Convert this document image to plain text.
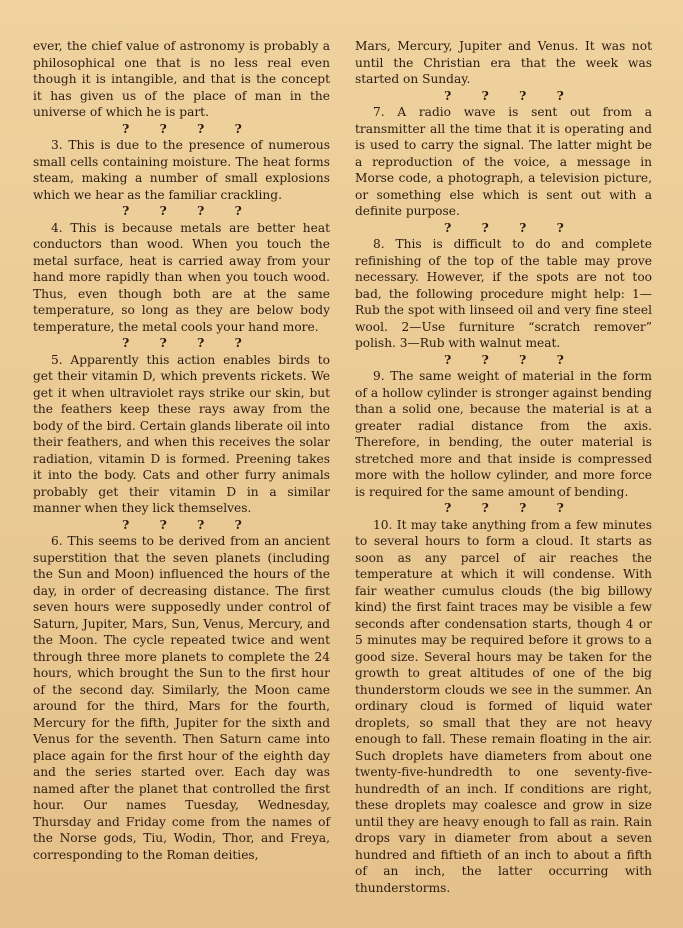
ever, the chief value of astronomy is probably a philosophical one that is no less real even though it is intangible, and that is the concept it has given us of the place of man in the universe of which he is part.

? ? ? ?

3. This is due to the presence of numerous small cells containing moisture. The heat forms steam, making a number of small explosions which we hear as the familiar crackling.

? ? ? ?

4. This is because metals are better heat conductors than wood. When you touch the metal surface, heat is carried away from your hand more rapidly than when you touch wood. Thus, even though both are at the same temperature, so long as they are below body temperature, the metal cools your hand more.

? ? ? ?

5. Apparently this action enables birds to get their vitamin D, which prevents rickets. We get it when ultraviolet rays strike our skin, but the feathers keep these rays away from the body of the bird. Certain glands liberate oil into their feathers, and when this receives the solar radiation, vitamin D is formed. Preening takes it into the body. Cats and other furry animals probably get their vitamin D in a similar manner when they lick themselves.

? ? ? ?

6. This seems to be derived from an ancient superstition that the seven planets (including the Sun and Moon) influenced the hours of the day, in order of decreasing distance. The first seven hours were supposedly under control of Saturn, Jupiter, Mars, Sun, Venus, Mercury, and the Moon. The cycle repeated twice and went through three more planets to complete the 24 hours, which brought the Sun to the first hour of the second day. Similarly, the Moon came around for the third, Mars for the fourth, Mercury for the fifth, Jupiter for the sixth and Venus for the seventh. Then Saturn came into place again for the first hour of the eighth day and the series started over. Each day was named after the planet that controlled the first hour. Our names Tuesday, Wednesday, Thursday and Friday come from the names of the Norse gods, Tiu, Wodin, Thor, and Freya, corresponding to the Roman deities,

Mars, Mercury, Jupiter and Venus. It was not until the Christian era that the week was started on Sunday.

? ? ? ?

7. A radio wave is sent out from a transmitter all the time that it is operating and is used to carry the signal. The latter might be a reproduction of the voice, a message in Morse code, a photograph, a television picture, or something else which is sent out with a definite purpose.

? ? ? ?

8. This is difficult to do and complete refinishing of the top of the table may prove necessary. However, if the spots are not too bad, the following procedure might help: 1—Rub the spot with linseed oil and very fine steel wool. 2—Use furniture “scratch remover” polish. 3—Rub with walnut meat.

? ? ? ?

9. The same weight of material in the form of a hollow cylinder is stronger against bending than a solid one, because the material is at a greater radial distance from the axis. Therefore, in bending, the outer material is stretched more and that inside is compressed more with the hollow cylinder, and more force is required for the same amount of bending.

? ? ? ?

10. It may take anything from a few minutes to several hours to form a cloud. It starts as soon as any parcel of air reaches the temperature at which it will condense. With fair weather cumulus clouds (the big billowy kind) the first faint traces may be visible a few seconds after condensation starts, though 4 or 5 minutes may be required before it grows to a good size. Several hours may be taken for the growth to great altitudes of one of the big thunderstorm clouds we see in the summer. An ordinary cloud is formed of liquid water droplets, so small that they are not heavy enough to fall. These remain floating in the air. Such droplets have diameters from about one twenty-five-hundredth to one seventy-five-hundredth of an inch. If conditions are right, these droplets may coalesce and grow in size until they are heavy enough to fall as rain. Rain drops vary in diameter from about a seven hundred and fiftieth of an inch to about a fifth of an inch, the latter occurring with thunderstorms.
